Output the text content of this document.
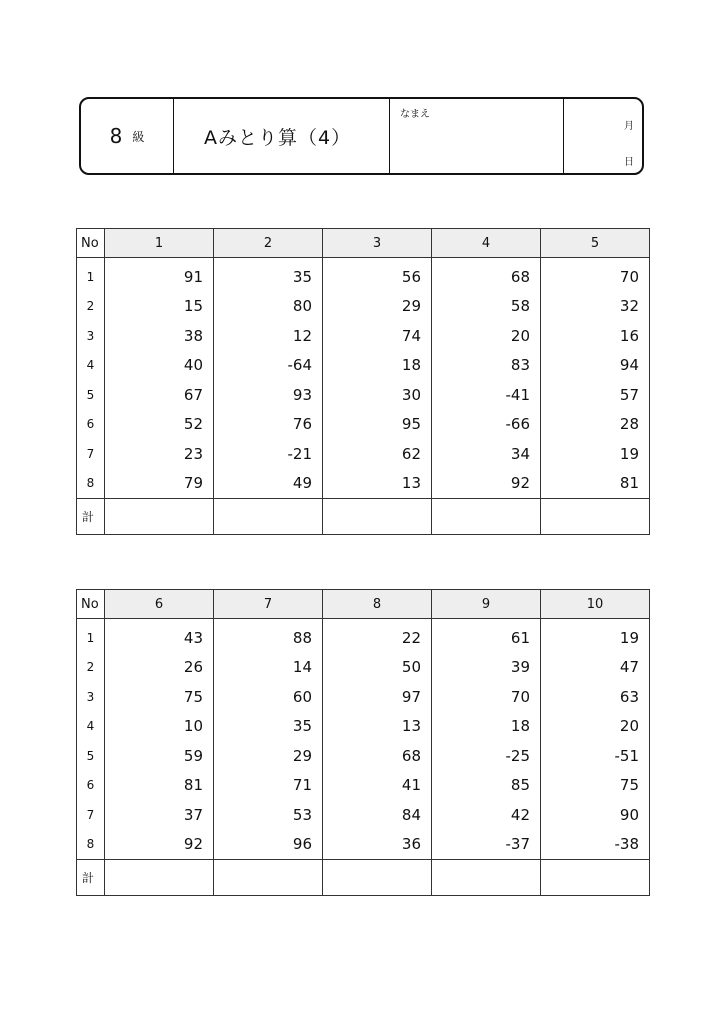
8 級	Aみとり算（4）
なまえ
月
日
No	1	2	3	4	5
1	91	35	56	68	70
2	15	80	29	58	32
3	38	12	74	20	16
4	40	-64	18	83	94
5	67	93	30	-41	57
6	52	76	95	-66	28
7	23	-21	62	34	19
8	79	49	13	92	81
計					
No	6	7	8	9	10
1	43	88	22	61	19
2	26	14	50	39	47
3	75	60	97	70	63
4	10	35	13	18	20
5	59	29	68	-25	-51
6	81	71	41	85	75
7	37	53	84	42	90
8	92	96	36	-37	-38
計					
